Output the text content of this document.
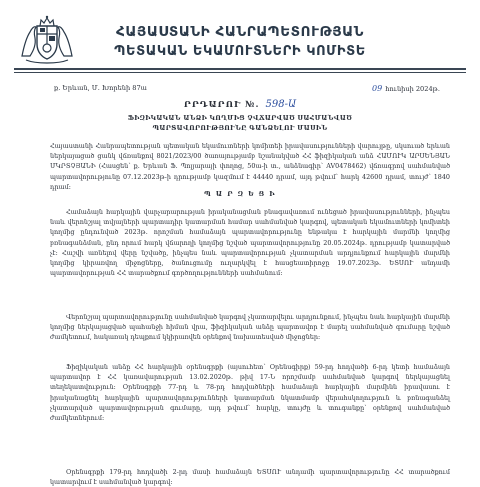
ՀԱՅԱՍՏԱՆԻ ՀԱՆՐԱՊԵՏՈՒԹՅԱՆ
ՊԵՏԱԿԱՆ ԵԿԱՄՈՒՏՆԵՐԻ ԿՈՄԻՏԵ
ք. Երևան, Մ. Խորենի 87ա	09 հունիսի 2024թ.
ՐՐԴԱՐՈՒ №. 598-Ա
ՖԻԶԻԿԱԿԱՆ ԱՆՁԻ ԿՈՂՄԻՑ ՉՎՃԱՐՎԱԾ ՍԱՀՄԱՆՎԱԾ
ՊԱՐՏԱՎՈՐՈՒԹՅՈՒՆԸ ԳԱՆՁԵԼՈՒ ՄԱՍԻՆ
Հայաստանի Հանրապետության պետական եկամուտների կոմիտեի իրավասությունների վարույթը, սկսուած երևան ներկայացած ցանկ վճռանքով 8021/2023/00 ծառայությամբ նշանակված ՀՀ ֆիզիկական անձ ՀԱՄՈՒԿ ԱՐՍԵՆՅԱՆ ՄԿՐՏՉՅԱՆԻ (Հասցեն՝ ք. Երևան Ֆ. Պոլյարայի փողոց, 50ա-ի տ., անձնագիր՝ AV0478462) վճռագրով սահմանված պարտավորությունը 07.12.2023թ-ի դրությամբ կազմում է 44440 դրամ, այդ թվում՝ հարկ 42600 դրամ, տույժ՝ 1840 դրամ:
Պ Ա Ր Զ Ե Ց Ի
Համաձայն հարկային վարչարարության իրականացման բնագավառում ունեցած իրավասությունների, ինչպես նաև վերոնշյալ տվյալների պարտադիր կատարման համար սահմանված կարգով, պետական եկամուտների կոմիտեի կողմից ընդունված 2023թ. որոշման համաձայն պարտավորությունը ենթակա է հարկային մարմնի կողմից բռնագանձման, ընդ որում հարկ վճարողի կողմից նշված պարտավորությունը 20.05.2024թ. դրությամբ կատարված չէ: Հաշվի առնելով վերը նշվածը, ինչպես նաև պարտավորության չկատարման արդյունքում հարկային մարմնի կողմից կիրառվող միջոցները, ծանուցումը ուղարկվել է հասցեատիրոջը 19.07.2023թ. ԵՏՍՈՒ անդամի պարտավորության ՀՀ տարածքում գործողությունների սահմանում:
Վերոնշյալ պարտավորությունը սահմանված կարգով չկատարվելու արդյունքում, ինչպես նաև հարկային մարմնի կողմից ներկայացված պահանջի հիման վրա, ֆիզիկական անձը պարտավոր է մարել սահմանված գումարը նշված ժամկետում, հակառակ դեպքում կկիրառվեն օրենքով նախատեսված միջոցներ:
Ֆիզիկական անձը ՀՀ հարկային օրենսգրքի (այսուհետ՝ Օրենսգիրք) 59-րդ հոդվածի 6-րդ կետի համաձայն պարտավոր է ՀՀ կառավարության 13.02.2020թ. թիվ 17-Ն որոշմամբ սահմանված կարգով ներկայացնել տեղեկատվություն: Օրենսգրքի 77-րդ և 78-րդ հոդվածների համաձայն հարկային մարմինն իրավասու է իրականացնել հարկային պարտավորությունների կատարման նկատմամբ վերահսկողություն և բռնագանձել չկատարված պարտավորության գումարը, այդ թվում՝ հարկը, տույժը և տուգանքը՝ օրենքով սահմանված ժամկետներում:
Օրենսգրքի 179-րդ հոդվածի 2-րդ մասի համաձայն ԵՏՍՈՒ անդամի պարտավորությունը ՀՀ տարածքում կատարվում է սահմանված կարգով:
